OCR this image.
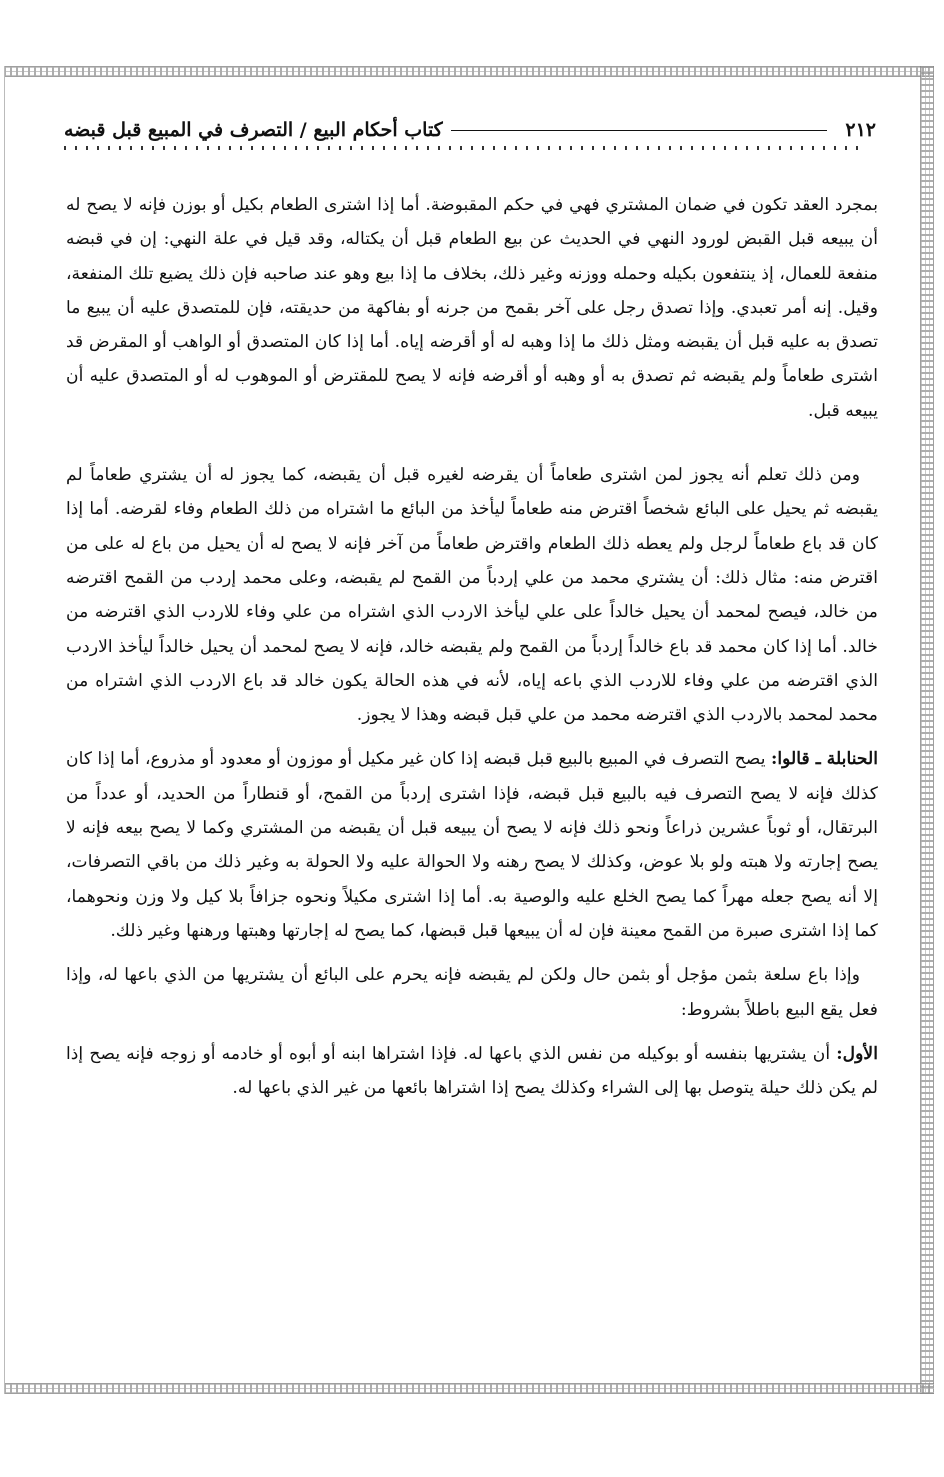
٢١٢
كتاب أحكام البيع / التصرف في المبيع قبل قبضه

بمجرد العقد تكون في ضمان المشتري فهي في حكم المقبوضة. أما إذا اشترى الطعام بكيل أو بوزن فإنه لا يصح له أن يبيعه قبل القبض لورود النهي في الحديث عن بيع الطعام قبل أن يكتاله، وقد قيل في علة النهي: إن في قبضه منفعة للعمال، إذ ينتفعون بكيله وحمله ووزنه وغير ذلك، بخلاف ما إذا بيع وهو عند صاحبه فإن ذلك يضيع تلك المنفعة، وقيل. إنه أمر تعبدي. وإذا تصدق رجل على آخر بقمح من جرنه أو بفاكهة من حديقته، فإن للمتصدق عليه أن يبيع ما تصدق به عليه قبل أن يقبضه ومثل ذلك ما إذا وهبه له أو أقرضه إياه. أما إذا كان المتصدق أو الواهب أو المقرض قد اشترى طعاماً ولم يقبضه ثم تصدق به أو وهبه أو أقرضه فإنه لا يصح للمقترض أو الموهوب له أو المتصدق عليه أن يبيعه قبل.

ومن ذلك تعلم أنه يجوز لمن اشترى طعاماً أن يقرضه لغيره قبل أن يقبضه، كما يجوز له أن يشتري طعاماً لم يقبضه ثم يحيل على البائع شخصاً اقترض منه طعاماً ليأخذ من البائع ما اشتراه من ذلك الطعام وفاء لقرضه. أما إذا كان قد باع طعاماً لرجل ولم يعطه ذلك الطعام واقترض طعاماً من آخر فإنه لا يصح له أن يحيل من باع له على من اقترض منه: مثال ذلك: أن يشتري محمد من علي إردباً من القمح لم يقبضه، وعلى محمد إردب من القمح اقترضه من خالد، فيصح لمحمد أن يحيل خالداً على علي ليأخذ الاردب الذي اشتراه من علي وفاء للاردب الذي اقترضه من خالد. أما إذا كان محمد قد باع خالداً إردباً من القمح ولم يقبضه خالد، فإنه لا يصح لمحمد أن يحيل خالداً ليأخذ الاردب الذي اقترضه من علي وفاء للاردب الذي باعه إياه، لأنه في هذه الحالة يكون خالد قد باع الاردب الذي اشتراه من محمد لمحمد بالاردب الذي اقترضه محمد من علي قبل قبضه وهذا لا يجوز.

الحنابلة ـ قالوا: يصح التصرف في المبيع بالبيع قبل قبضه إذا كان غير مكيل أو موزون أو معدود أو مذروع، أما إذا كان كذلك فإنه لا يصح التصرف فيه بالبيع قبل قبضه، فإذا اشترى إردباً من القمح، أو قنطاراً من الحديد، أو عدداً من البرتقال، أو ثوباً عشرين ذراعاً ونحو ذلك فإنه لا يصح أن يبيعه قبل أن يقبضه من المشتري وكما لا يصح بيعه فإنه لا يصح إجارته ولا هبته ولو بلا عوض، وكذلك لا يصح رهنه ولا الحوالة عليه ولا الحولة به وغير ذلك من باقي التصرفات، إلا أنه يصح جعله مهراً كما يصح الخلع عليه والوصية به. أما إذا اشترى مكيلاً ونحوه جزافاً بلا كيل ولا وزن ونحوهما، كما إذا اشترى صبرة من القمح معينة فإن له أن يبيعها قبل قبضها، كما يصح له إجارتها وهبتها ورهنها وغير ذلك.

وإذا باع سلعة بثمن مؤجل أو بثمن حال ولكن لم يقبضه فإنه يحرم على البائع أن يشتريها من الذي باعها له، وإذا فعل يقع البيع باطلاً بشروط:

الأول: أن يشتريها بنفسه أو بوكيله من نفس الذي باعها له. فإذا اشتراها ابنه أو أبوه أو خادمه أو زوجه فإنه يصح إذا لم يكن ذلك حيلة يتوصل بها إلى الشراء وكذلك يصح إذا اشتراها بائعها من غير الذي باعها له.
